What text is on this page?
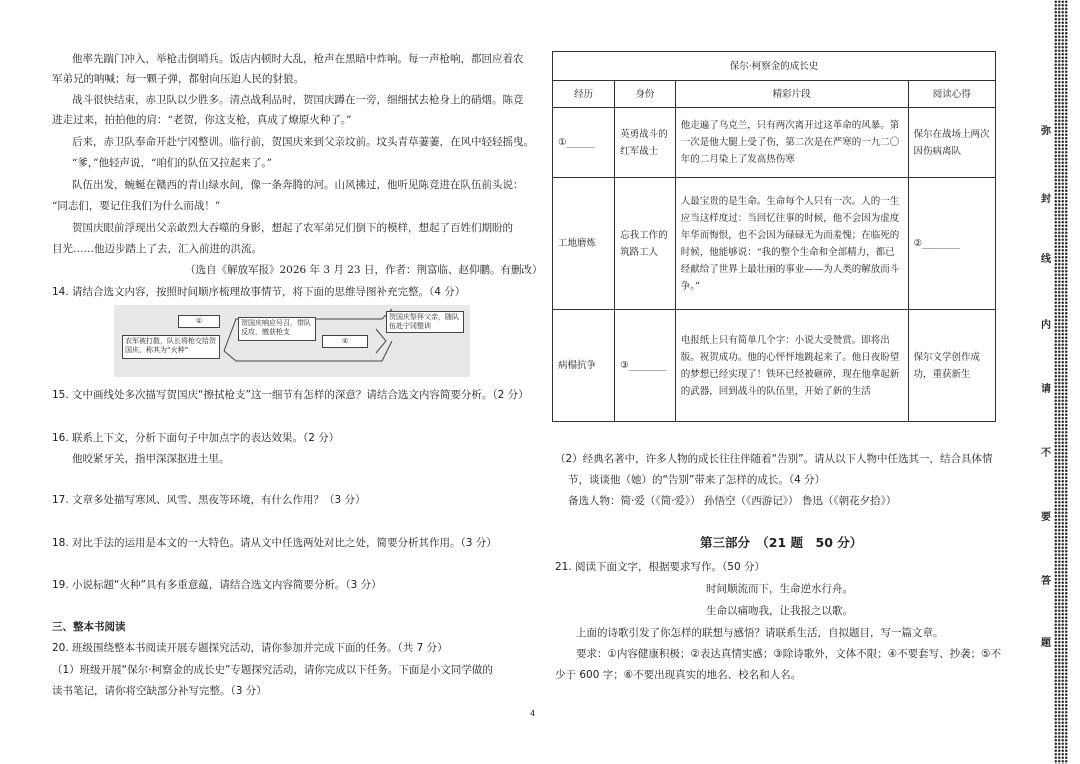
他率先踹门冲入，举枪击倒哨兵。饭店内顿时大乱，枪声在黑暗中炸响。每一声枪响，都回应着农
军弟兄的呐喊；每一颗子弹，都射向压迫人民的豺狼。
战斗很快结束，赤卫队以少胜多。清点战利品时，贺国庆蹲在一旁，细细拭去枪身上的硝烟。陈竞
进走过来，拍拍他的肩：“老贺，你这支枪，真成了燎原火种了。”
后来，赤卫队奉命开赴宁冈整训。临行前，贺国庆来到父亲坟前。坟头青草萋萋，在风中轻轻摇曳。
“爹，”他轻声说，“咱们的队伍又拉起来了。”
队伍出发，蜿蜒在赣西的青山绿水间，像一条奔腾的河。山风拂过，他听见陈竞进在队伍前头说：
“同志们，要记住我们为什么而战！”
贺国庆眼前浮现出父亲敢烈大吞噬的身影，想起了农军弟兄们倒下的模样，想起了百姓们期盼的
目光……他迈步踏上了去，汇入前进的洪流。
（选自《解放军报》2026 年 3 月 23 日，作者：荆富临、赵仰鹏。有删改）
14. 请结合选文内容，按照时间顺序梳理故事情节，将下面的思维导图补充完整。（4 分）
农军被打散，队长将枪交给贺国庆，称其为“火种”
①	贺国庆响应号召，带队反攻，缴获枪支
②
贺国庆祭拜父亲，随队伍赴宁冈整训
15. 文中画线处多次描写贺国庆“擦拭枪支”这一细节有怎样的深意？请结合选文内容简要分析。（2 分）
16. 联系上下文，分析下面句子中加点字的表达效果。（2 分）
他咬紧牙关，指甲深深抠进土里。
17. 文章多处描写寒风、风雪、黑夜等环境，有什么作用？（3 分）
18. 对比手法的运用是本文的一大特色。请从文中任选两处对比之处，简要分析其作用。（3 分）
19. 小说标题“火种”具有多重意蕴，请结合选文内容简要分析。（3 分）
三、整本书阅读
20. 班级围绕整本书阅读开展专题探究活动，请你参加并完成下面的任务。（共 7 分）
（1）班级开展“保尔·柯察金的成长史”专题探究活动，请你完成以下任务。下面是小文同学做的
读书笔记，请你将空缺部分补写完整。（3 分）
保尔·柯察金的成长史			
经历	身份	精彩片段	阅读心得
①______	英勇战斗的红军战士	他走遍了乌克兰，只有两次离开过这革命的风暴。第一次是他大腿上受了伤，第二次是在严寒的一九二〇年的二月染上了发高热伤寒	保尔在战场上两次因伤病离队
工地磨炼	忘我工作的筑路工人	人最宝贵的是生命。生命每个人只有一次。人的一生应当这样度过：当回忆往事的时候，他不会因为虚度年华而悔恨，也不会因为碌碌无为而羞愧；在临死的时候，他能够说：“我的整个生命和全部精力，都已经献给了世界上最壮丽的事业——为人类的解放而斗争。”	②________
病榻抗争	③________	电报纸上只有简单几个字：小说大受赞赏。即将出版。祝贺成功。他的心怦怦地跳起来了。他日夜盼望的梦想已经实现了！铁环已经被砸碎，现在他拿起新的武器，回到战斗的队伍里，开始了新的生活	保尔文学创作成功，重获新生
（2）经典名著中，许多人物的成长往往伴随着“告别”。请从以下人物中任选其一，结合具体情
节，谈谈他（她）的“告别”带来了怎样的成长。（4 分）
备选人物：简·爱（《简·爱》） 孙悟空（《西游记》） 鲁迅（《朝花夕拾》）
第三部分　（21 题　50 分）
21. 阅读下面文字，根据要求写作。（50 分）
时间顺流而下，生命逆水行舟。
生命以痛吻我，让我报之以歌。
上面的诗歌引发了你怎样的联想与感悟？请联系生活，自拟题目，写一篇文章。
要求：①内容健康积极；②表达真情实感；③除诗歌外，文体不限；④不要套写、抄袭；⑤不
少于 600 字；⑥不要出现真实的地名、校名和人名。
4
弥
封
线
内
请
不
要
答
题
